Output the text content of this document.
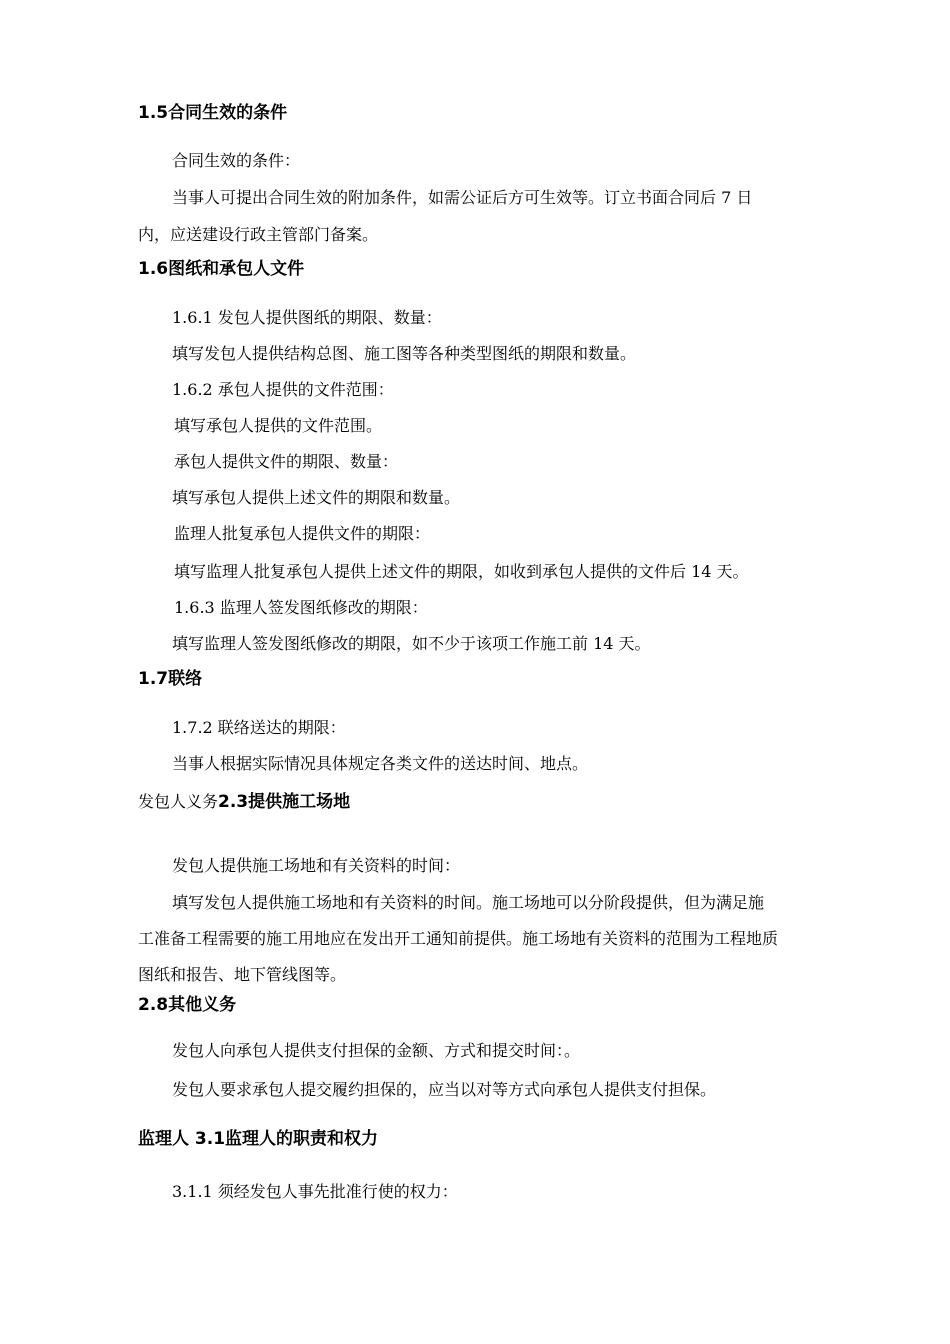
1.5合同生效的条件
合同生效的条件：
当事人可提出合同生效的附加条件，如需公证后方可生效等。订立书面合同后 7 日
内，应送建设行政主管部门备案。
1.6图纸和承包人文件
1.6.1 发包人提供图纸的期限、数量：
填写发包人提供结构总图、施工图等各种类型图纸的期限和数量。
1.6.2 承包人提供的文件范围：
填写承包人提供的文件范围。
承包人提供文件的期限、数量：
填写承包人提供上述文件的期限和数量。
监理人批复承包人提供文件的期限：
填写监理人批复承包人提供上述文件的期限，如收到承包人提供的文件后 14 天。
1.6.3 监理人签发图纸修改的期限：
填写监理人签发图纸修改的期限，如不少于该项工作施工前 14 天。
1.7联络
1.7.2 联络送达的期限：
当事人根据实际情况具体规定各类文件的送达时间、地点。
发包人义务2.3提供施工场地
发包人提供施工场地和有关资料的时间：
填写发包人提供施工场地和有关资料的时间。施工场地可以分阶段提供，但为满足施
工准备工程需要的施工用地应在发出开工通知前提供。施工场地有关资料的范围为工程地质
图纸和报告、地下管线图等。
2.8其他义务
发包人向承包人提供支付担保的金额、方式和提交时间：。
发包人要求承包人提交履约担保的，应当以对等方式向承包人提供支付担保。
监理人 3.1监理人的职责和权力
3.1.1 须经发包人事先批准行使的权力：
